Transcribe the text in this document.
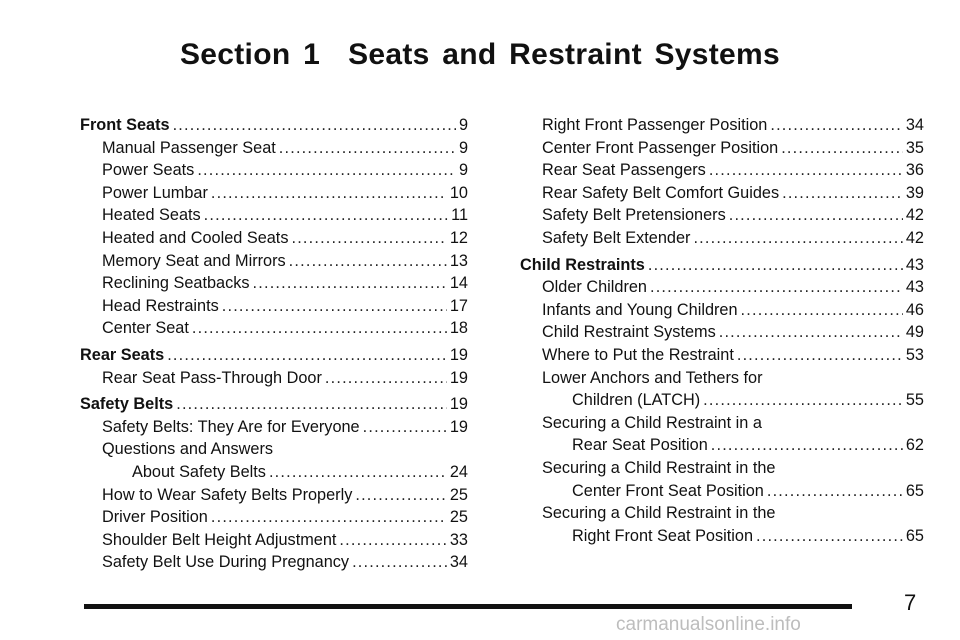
Section 1 Seats and Restraint Systems
Front Seats .....	9
Manual Passenger Seat .....	9
Power Seats .....	9
Power Lumbar .....	10
Heated Seats .....	11
Heated and Cooled Seats .....	12
Memory Seat and Mirrors .....	13
Reclining Seatbacks .....	14
Head Restraints .....	17
Center Seat .....	18
Rear Seats .....	19
Rear Seat Pass-Through Door .....	19
Safety Belts .....	19
Safety Belts: They Are for Everyone .....	19
Questions and Answers
About Safety Belts .....	24
How to Wear Safety Belts Properly .....	25
Driver Position .....	25
Shoulder Belt Height Adjustment .....	33
Safety Belt Use During Pregnancy .....	34
Right Front Passenger Position .....	34
Center Front Passenger Position .....	35
Rear Seat Passengers .....	36
Rear Safety Belt Comfort Guides .....	39
Safety Belt Pretensioners .....	42
Safety Belt Extender .....	42
Child Restraints .....	43
Older Children .....	43
Infants and Young Children .....	46
Child Restraint Systems .....	49
Where to Put the Restraint .....	53
Lower Anchors and Tethers for
Children (LATCH) .....	55
Securing a Child Restraint in a
Rear Seat Position .....	62
Securing a Child Restraint in the
Center Front Seat Position .....	65
Securing a Child Restraint in the
Right Front Seat Position .....	65
7
carmanualsonline.info
